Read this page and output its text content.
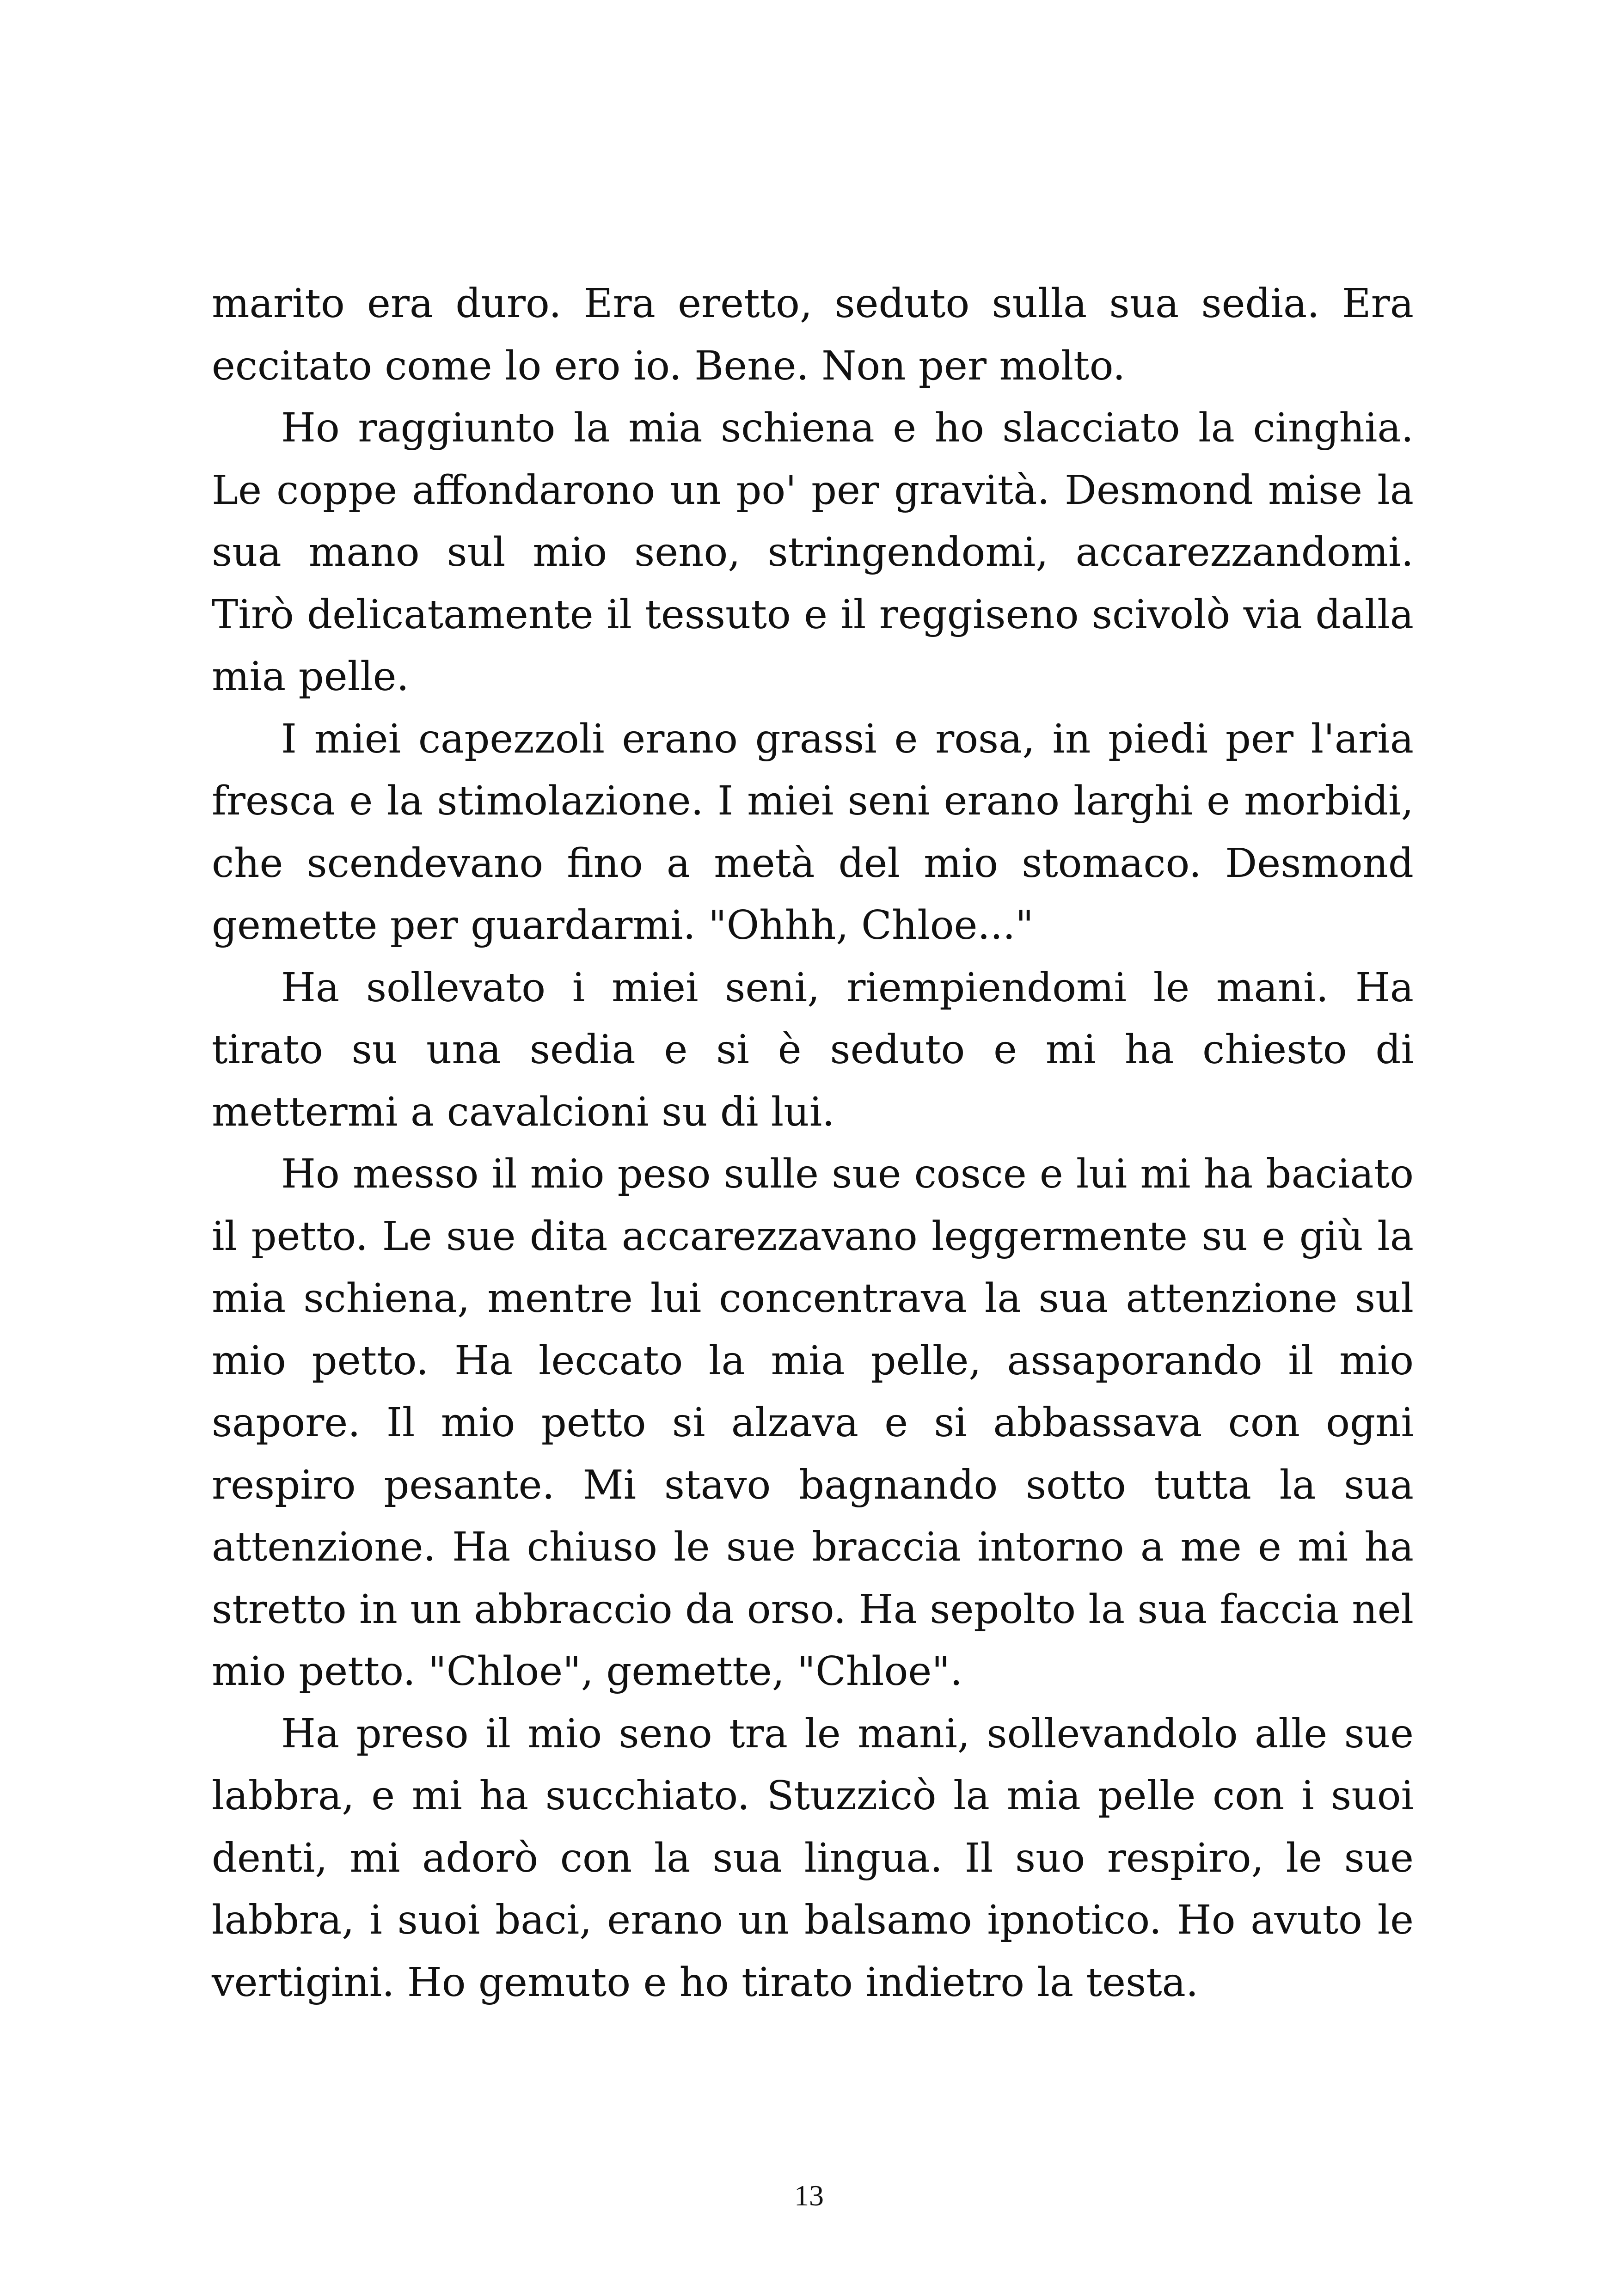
marito era duro. Era eretto, seduto sulla sua sedia. Era eccitato come lo ero io. Bene. Non per molto.

Ho raggiunto la mia schiena e ho slacciato la cinghia. Le coppe affondarono un po' per gravità. Desmond mise la sua mano sul mio seno, stringendomi, accarezzandomi. Tirò delicatamente il tessuto e il reggiseno scivolò via dalla mia pelle.

I miei capezzoli erano grassi e rosa, in piedi per l'aria fresca e la stimolazione. I miei seni erano larghi e morbidi, che scendevano fino a metà del mio stomaco. Desmond gemette per guardarmi. "Ohhh, Chloe..."

Ha sollevato i miei seni, riempiendomi le mani. Ha tirato su una sedia e si è seduto e mi ha chiesto di mettermi a cavalcioni su di lui.

Ho messo il mio peso sulle sue cosce e lui mi ha baciato il petto. Le sue dita accarezzavano leggermente su e giù la mia schiena, mentre lui concentrava la sua attenzione sul mio petto. Ha leccato la mia pelle, assaporando il mio sapore. Il mio petto si alzava e si abbassava con ogni respiro pesante. Mi stavo bagnando sotto tutta la sua attenzione. Ha chiuso le sue braccia intorno a me e mi ha stretto in un abbraccio da orso. Ha sepolto la sua faccia nel mio petto. "Chloe", gemette, "Chloe".

Ha preso il mio seno tra le mani, sollevandolo alle sue labbra, e mi ha succhiato. Stuzzicò la mia pelle con i suoi denti, mi adorò con la sua lingua. Il suo respiro, le sue labbra, i suoi baci, erano un balsamo ipnotico. Ho avuto le vertigini. Ho gemuto e ho tirato indietro la testa.

13
